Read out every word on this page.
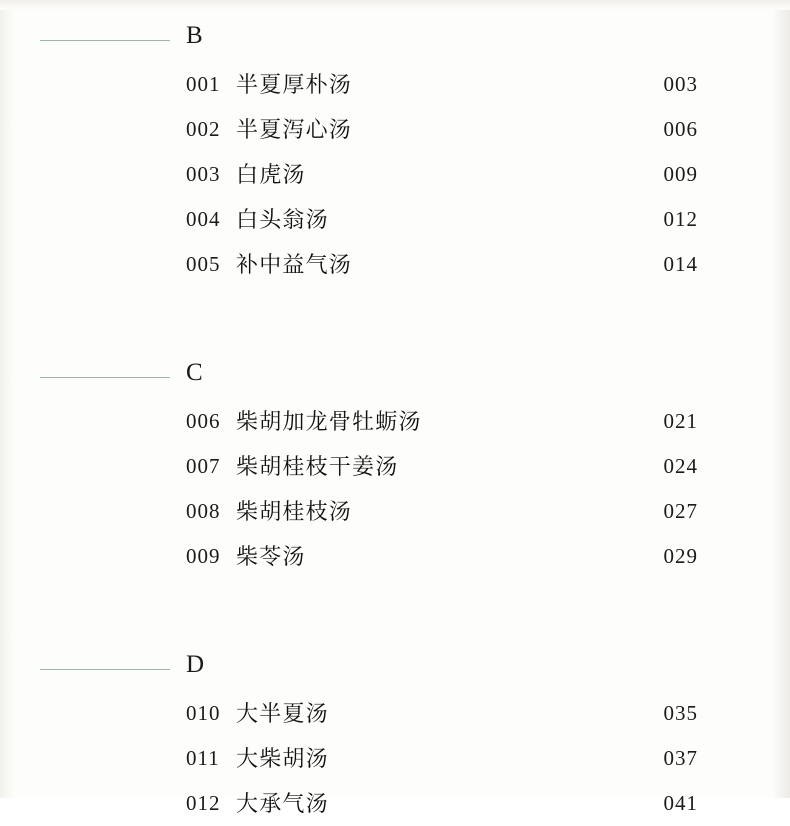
B
001 半夏厚朴汤	003
002 半夏泻心汤	006
003 白虎汤	009
004 白头翁汤	012
005 补中益气汤	014
C
006 柴胡加龙骨牡蛎汤	021
007 柴胡桂枝干姜汤	024
008 柴胡桂枝汤	027
009 柴苓汤	029
D
010 大半夏汤	035
011 大柴胡汤	037
012 大承气汤	041
